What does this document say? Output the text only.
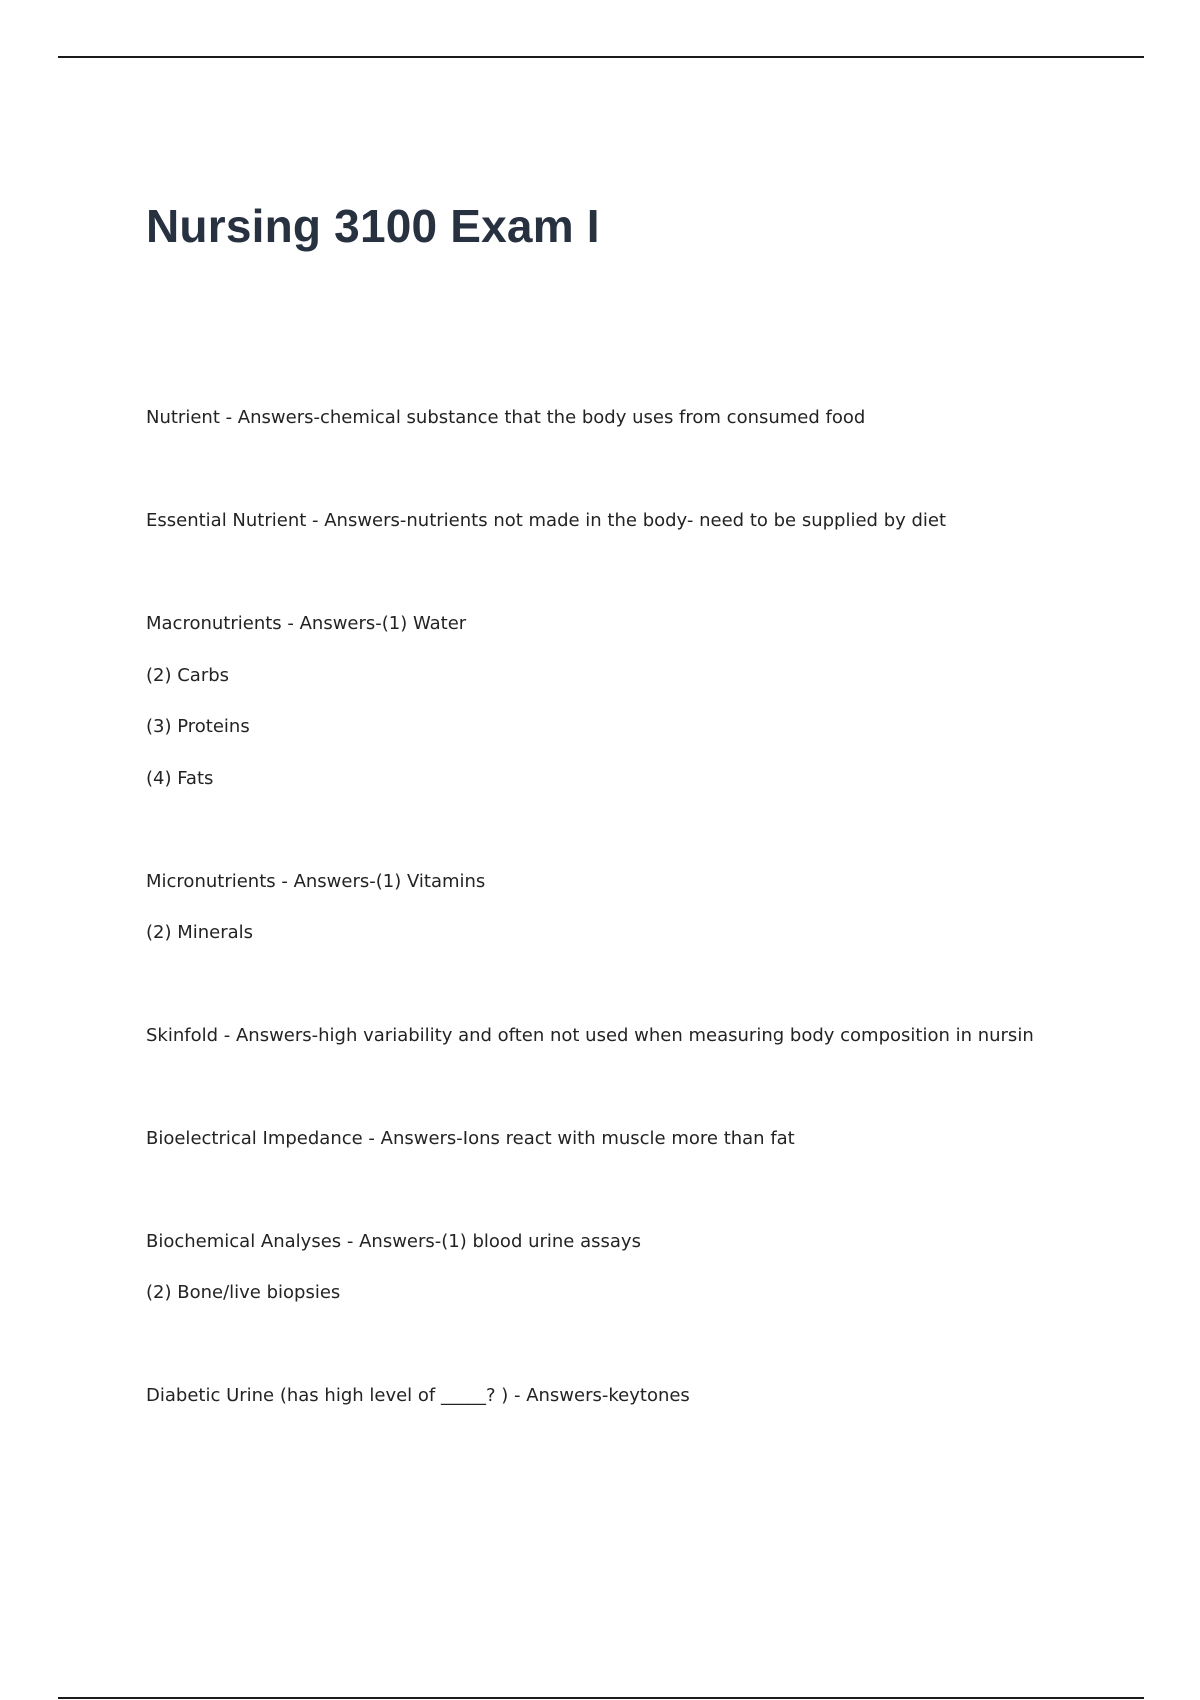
Nursing 3100 Exam I
Nutrient - Answers-chemical substance that the body uses from consumed food
Essential Nutrient - Answers-nutrients not made in the body- need to be supplied by diet
Macronutrients - Answers-(1) Water
(2) Carbs
(3) Proteins
(4) Fats
Micronutrients - Answers-(1) Vitamins
(2) Minerals
Skinfold - Answers-high variability and often not used when measuring body composition in nursin
Bioelectrical Impedance - Answers-Ions react with muscle more than fat
Biochemical Analyses - Answers-(1) blood urine assays
(2) Bone/live biopsies
Diabetic Urine (has high level of _____? ) - Answers-keytones
